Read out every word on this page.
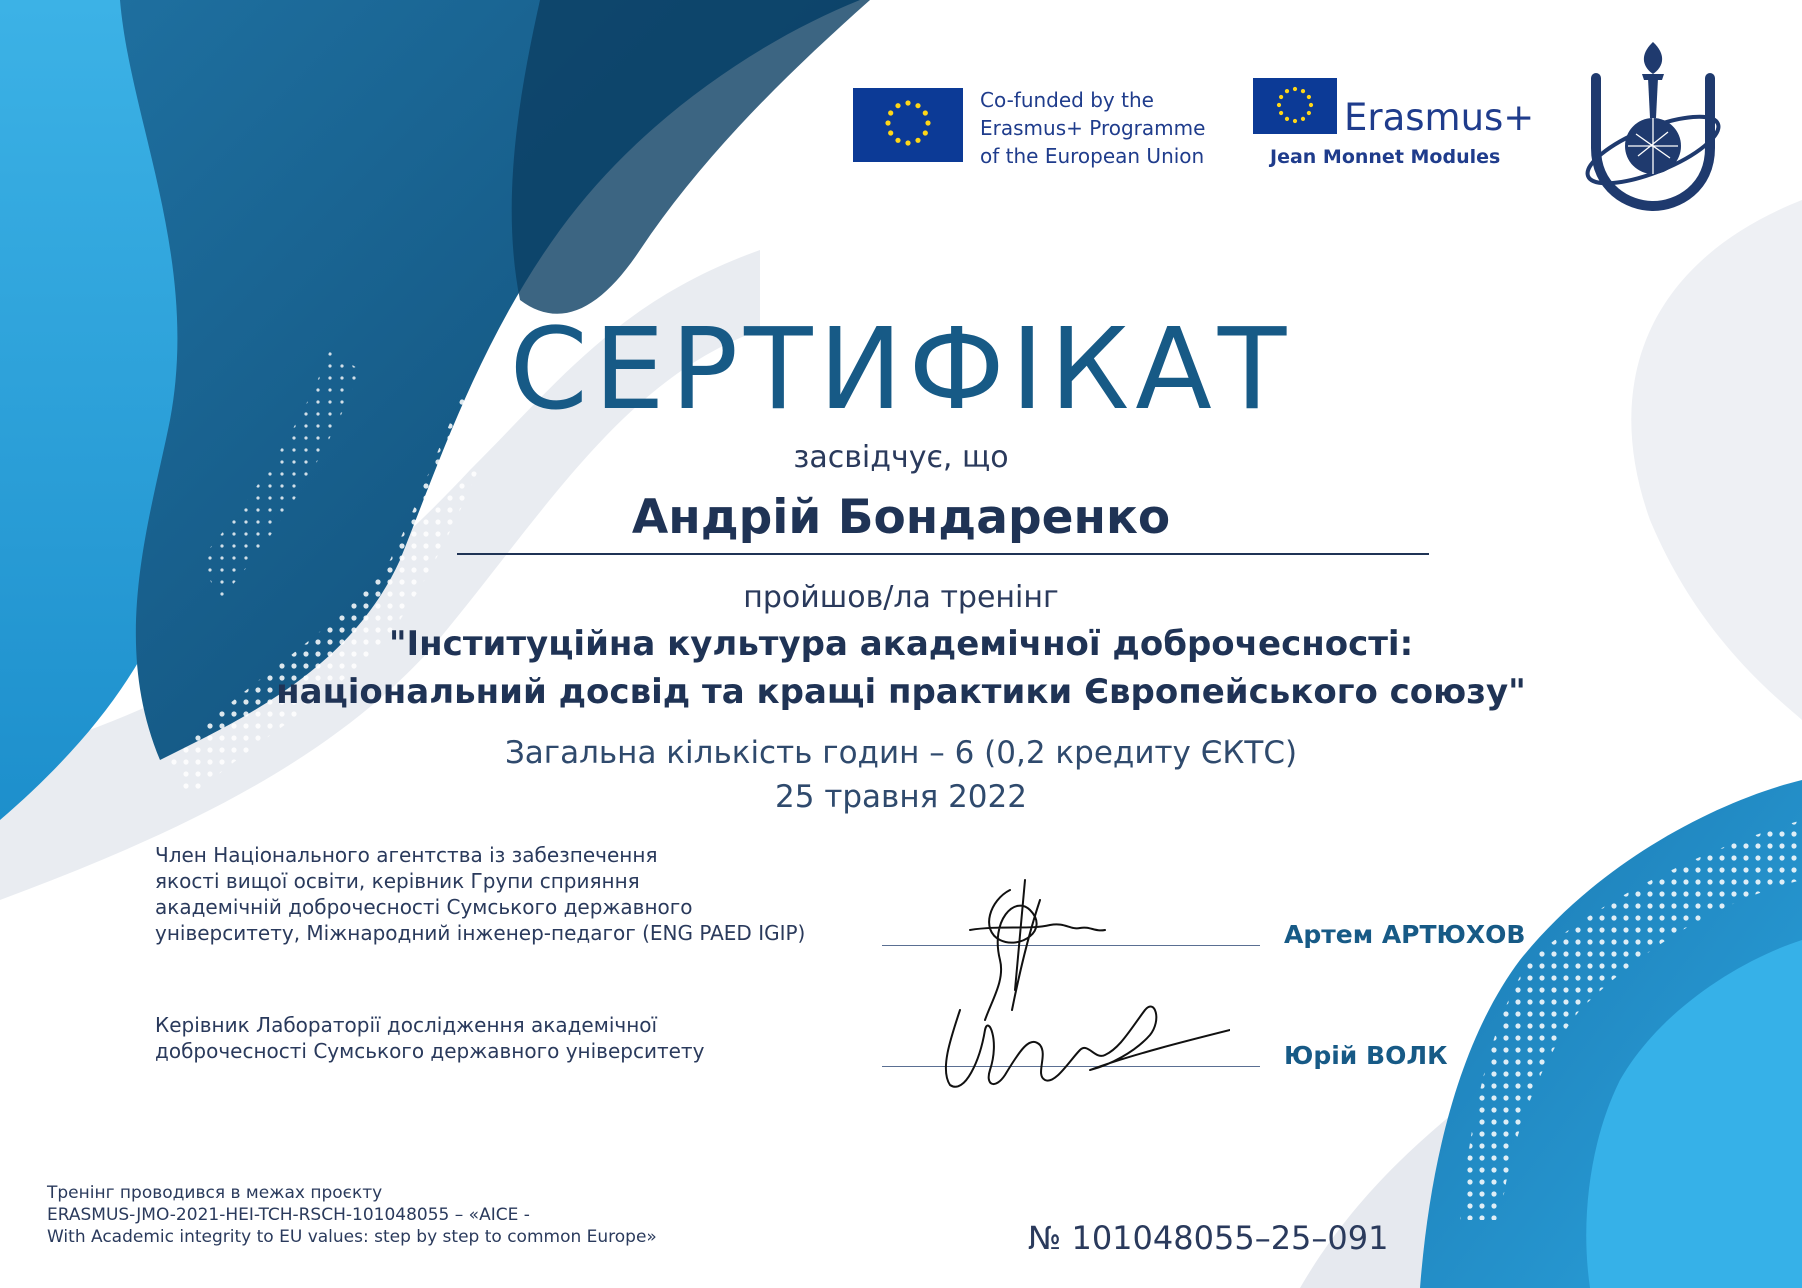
Co-funded by the
Erasmus+ Programme
of the European Union
Erasmus+
Jean Monnet Modules
СЕРТИФІКАТ
засвідчує, що
Андрій Бондаренко
пройшов/ла тренінг
"Інституційна культура академічної доброчесності:
національний досвід та кращі практики Європейського союзу"
Загальна кількість годин – 6 (0,2 кредиту ЄКТС)
25 травня 2022
Член Національного агентства із забезпечення
якості вищої освіти, керівник Групи сприяння
академічній доброчесності Сумського державного
університету, Міжнародний інженер-педагог (ENG PAED IGIP)	Артем АРТЮХОВ
Керівник Лабораторії дослідження академічної
доброчесності Сумського державного університету	Юрій ВОЛК
Тренінг проводився в межах проєкту
ERASMUS-JMO-2021-HEI-TCH-RSCH-101048055 – «AICE -
With Academic integrity to EU values: step by step to common Europe»	№ 101048055–25–091
